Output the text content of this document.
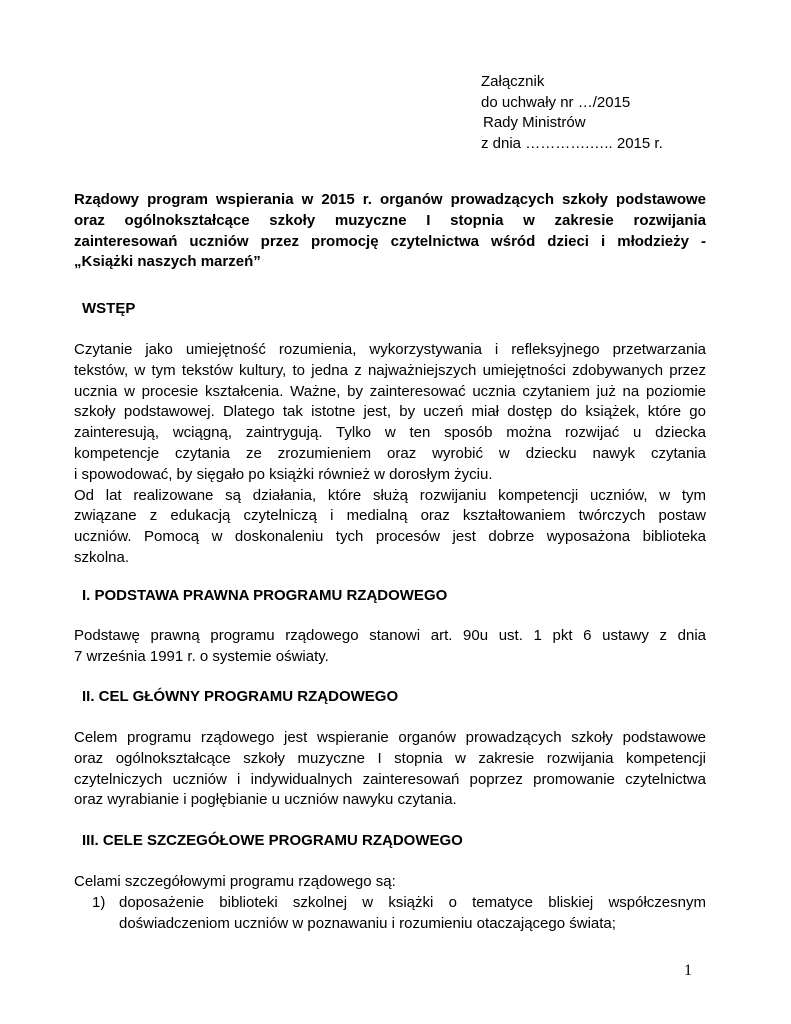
Załącznik
do uchwały nr …/2015
Rady Ministrów
z dnia ………….….. 2015 r.
Rządowy program wspierania w 2015 r. organów prowadzących szkoły podstawowe
oraz ogólnokształcące szkoły muzyczne I stopnia w zakresie rozwijania
zainteresowań uczniów przez promocję czytelnictwa wśród dzieci i młodzieży -
„Książki naszych marzeń”
WSTĘP
Czytanie jako umiejętność rozumienia, wykorzystywania i refleksyjnego przetwarzania
tekstów, w tym tekstów kultury, to jedna z najważniejszych umiejętności zdobywanych przez
ucznia w procesie kształcenia. Ważne, by zainteresować ucznia czytaniem już na poziomie
szkoły podstawowej. Dlatego tak istotne jest, by uczeń miał dostęp do książek, które go
zainteresują, wciągną, zaintrygują. Tylko w ten sposób można rozwijać u dziecka
kompetencje czytania ze zrozumieniem oraz wyrobić w dziecku nawyk czytania
i spowodować, by sięgało po książki również w dorosłym życiu.
Od lat realizowane są działania, które służą rozwijaniu kompetencji uczniów, w tym
związane z edukacją czytelniczą i medialną oraz kształtowaniem twórczych postaw
uczniów. Pomocą w doskonaleniu tych procesów jest dobrze wyposażona biblioteka
szkolna.
I. PODSTAWA PRAWNA PROGRAMU RZĄDOWEGO
Podstawę prawną programu rządowego stanowi art. 90u ust. 1 pkt 6 ustawy z dnia
7 września 1991 r. o systemie oświaty.
II. CEL GŁÓWNY PROGRAMU RZĄDOWEGO
Celem programu rządowego jest wspieranie organów prowadzących szkoły podstawowe
oraz ogólnokształcące szkoły muzyczne I stopnia w zakresie rozwijania kompetencji
czytelniczych uczniów i indywidualnych zainteresowań poprzez promowanie czytelnictwa
oraz wyrabianie i pogłębianie u uczniów nawyku czytania.
III. CELE SZCZEGÓŁOWE PROGRAMU RZĄDOWEGO
Celami szczegółowymi programu rządowego są:
1) doposażenie biblioteki szkolnej w książki o tematyce bliskiej współczesnym
doświadczeniom uczniów w poznawaniu i rozumieniu otaczającego świata;
1
